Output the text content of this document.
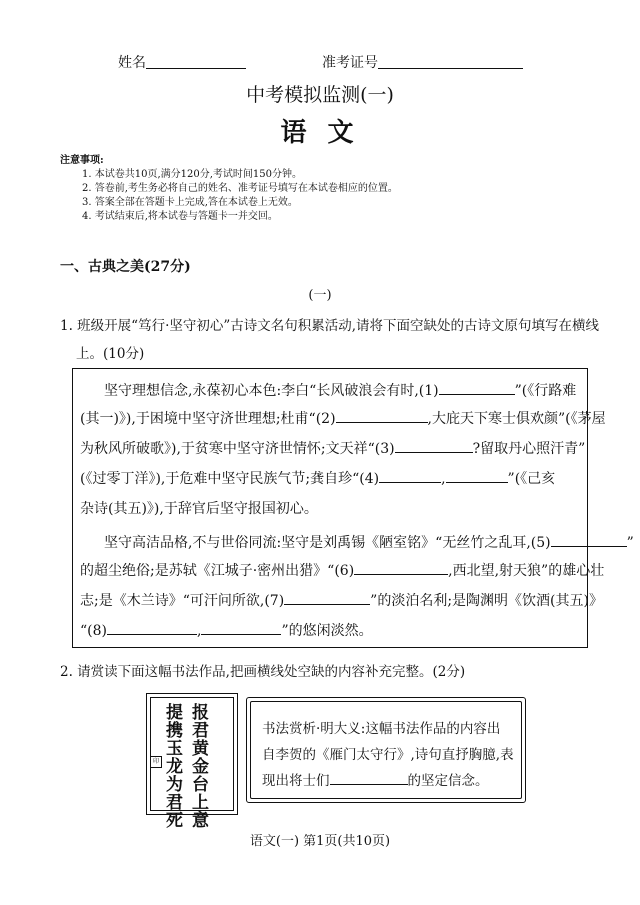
姓名	准考证号
中考模拟监测(一)
语 文
注意事项:
1. 本试卷共10页,满分120分,考试时间150分钟。
2. 答卷前,考生务必将自己的姓名、准考证号填写在本试卷相应的位置。
3. 答案全部在答题卡上完成,答在本试卷上无效。
4. 考试结束后,将本试卷与答题卡一并交回。
一、古典之美(27分)
(一)
1. 班级开展“笃行·坚守初心”古诗文名句积累活动,请将下面空缺处的古诗文原句填写在横线
上。(10分)
坚守理想信念,永葆初心本色:李白“长风破浪会有时,(1)	”(《行路难
(其一)》),于困境中坚守济世理想;杜甫“(2)	,大庇天下寒士俱欢颜”(《茅屋
为秋风所破歌》),于贫寒中坚守济世情怀;文天祥“(3)	?留取丹心照汗青”
(《过零丁洋》),于危难中坚守民族气节;龚自珍“(4)	,	”(《己亥
杂诗(其五)》),于辞官后坚守报国初心。
坚守高洁品格,不与世俗同流:坚守是刘禹锡《陋室铭》“无丝竹之乱耳,(5)	”
的超尘绝俗;是苏轼《江城子·密州出猎》“(6)	,西北望,射天狼”的雄心壮
志;是《木兰诗》“可汗问所欲,(7)	”的淡泊名利;是陶渊明《饮酒(其五)》
“(8)	,	”的悠闲淡然。
2. 请赏读下面这幅书法作品,把画横线处空缺的内容补充完整。(2分)
报君黄金台上意
提携玉龙为君死
印
书法赏析·明大义:这幅书法作品的内容出
自李贺的《雁门太守行》,诗句直抒胸臆,表
现出将士们	的坚定信念。
语文(一) 第1页(共10页)
